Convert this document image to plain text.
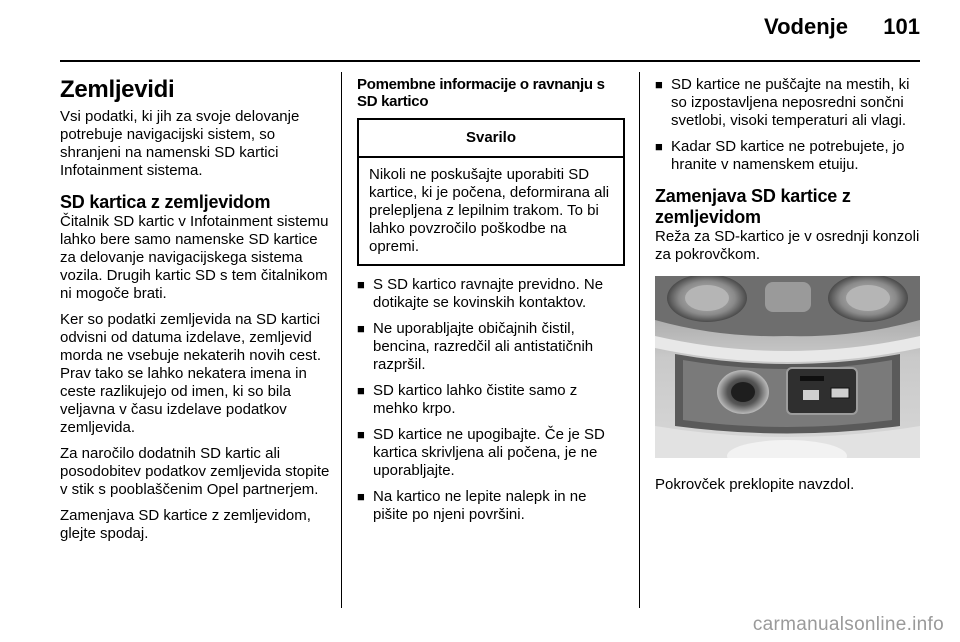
Vodenje 101
Zemljevidi

Vsi podatki, ki jih za svoje delovanje potrebuje navigacijski sistem, so shranjeni na namenski SD kartici Infotainment sistema.

SD kartica z zemljevidom

Čitalnik SD kartic v Infotainment sistemu lahko bere samo namenske SD kartice za delovanje navigacijskega sistema vozila. Drugih kartic SD s tem čitalnikom ni mogoče brati.

Ker so podatki zemljevida na SD kartici odvisni od datuma izdelave, zemljevid morda ne vsebuje nekaterih novih cest. Prav tako se lahko nekatera imena in ceste razlikujejo od imen, ki so bila veljavna v času izdelave podatkov zemljevida.

Za naročilo dodatnih SD kartic ali posodobitev podatkov zemljevida stopite v stik s pooblaščenim Opel partnerjem.

Zamenjava SD kartice z zemljevidom, glejte spodaj.

Pomembne informacije o ravnanju s SD kartico
Svarilo
Nikoli ne poskušajte uporabiti SD kartice, ki je počena, deformirana ali prelepljena z lepilnim trakom. To bi lahko povzročilo poškodbe na opremi.
■ S SD kartico ravnajte previdno. Ne dotikajte se kovinskih kontaktov.
■ Ne uporabljajte običajnih čistil, bencina, razredčil ali antistatičnih razpršil.
■ SD kartico lahko čistite samo z mehko krpo.
■ SD kartice ne upogibajte. Če je SD kartica skrivljena ali počena, je ne uporabljajte.
■ Na kartico ne lepite nalepk in ne pišite po njeni površini.
■ SD kartice ne puščajte na mestih, ki so izpostavljena neposredni sončni svetlobi, visoki temperaturi ali vlagi.
■ Kadar SD kartice ne potrebujete, jo hranite v namenskem etuiju.
Zamenjava SD kartice z zemljevidom

Reža za SD-kartico je v osrednji konzoli za pokrovčkom.

Pokrovček preklopite navzdol.

carmanualsonline.info
